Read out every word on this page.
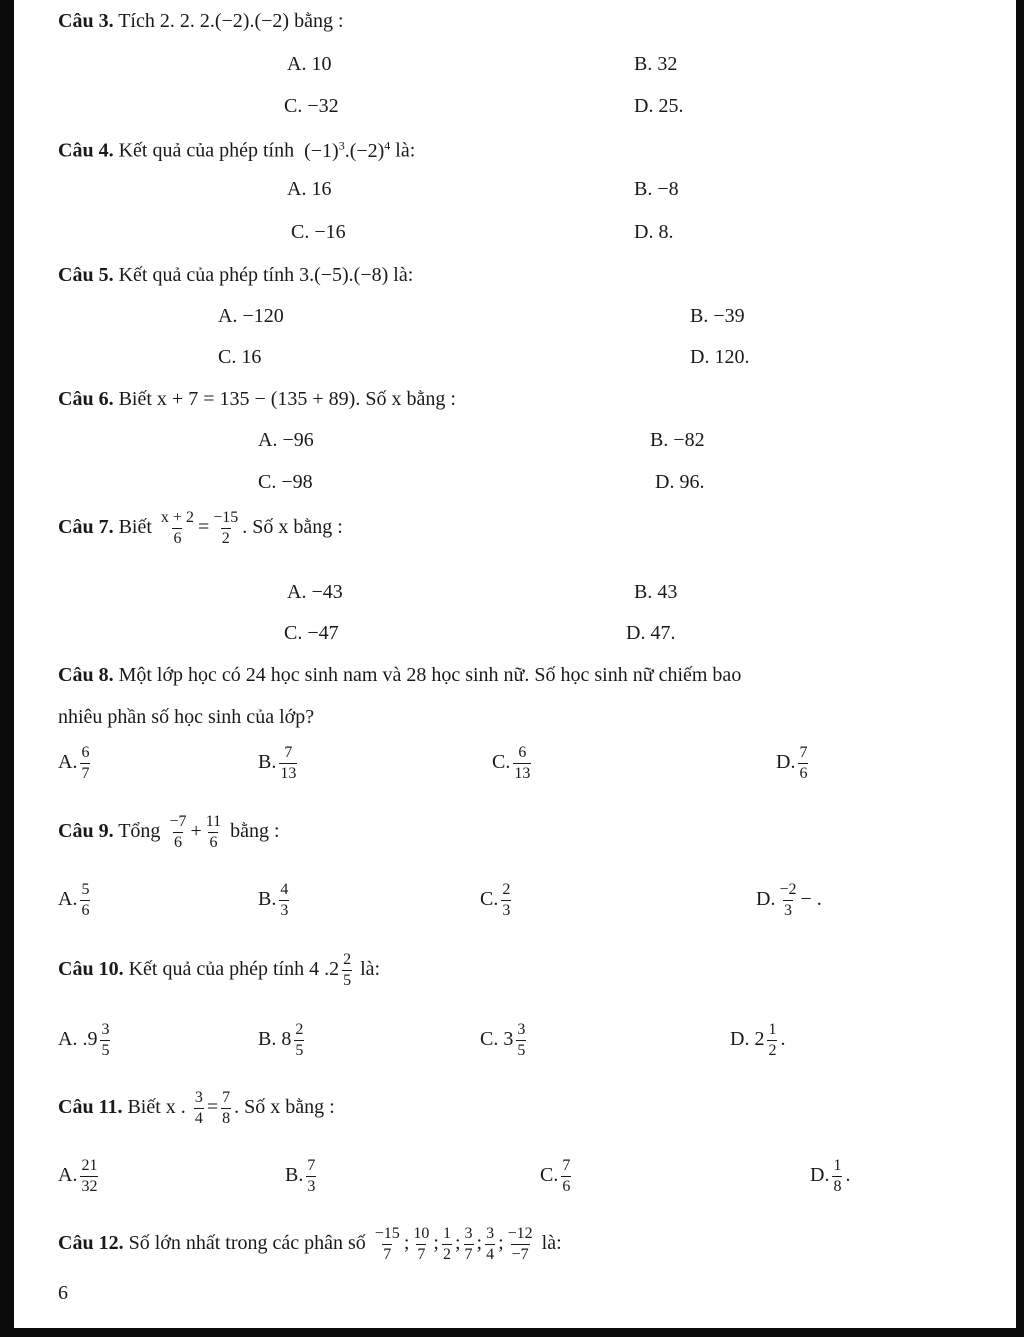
Câu 3. Tích 2. 2. 2.(−2).(−2) bằng :
A. 10	B. 32
C. −32	D. 25.
Câu 4. Kết quả của phép tính $(-1)^3.(-2)^4$ là:
A. 16	B. −8
C. −16	D. 8.
Câu 5. Kết quả của phép tính 3.(−5).(−8) là:
A. −120	B. −39
C. 16	D. 120.
Câu 6. Biết x + 7 = 135 − (135 + 89). Số x bằng :
A. −96	B. −82
C. −98	D. 96.
Câu 7. Biết $\frac{x + 2}{6} = \frac{-15}{2}$ . Số x bằng :
A. −43	B. 43
C. −47	D. 47.
Câu 8. Một lớp học có 24 học sinh nam và 28 học sinh nữ. Số học sinh nữ chiếm bao
nhiêu phần số học sinh của lớp?
A. $\frac{6}{7}$	B. $\frac{7}{13}$	C. $\frac{6}{13}$	D. $\frac{7}{6}$
Câu 9. Tổng $\frac{-7}{6} + \frac{11}{6}$ bằng :
A. $\frac{5}{6}$	B. $\frac{4}{3}$	C. $\frac{2}{3}$	D. $\frac{-2}{3}$ − .
Câu 10. Kết quả của phép tính 4 $.2 \frac{2}{5}$ là:
A. $.9 \frac{3}{5}$	B. $8 \frac{2}{5}$	C. $3 \frac{3}{5}$	D. $2 \frac{1}{2}$ .
Câu 11. Biết x . $\frac{3}{4} = \frac{7}{8}$ . Số x bằng :
A. $\frac{21}{32}$	B. $\frac{7}{3}$	C. $\frac{7}{6}$	D. $\frac{1}{8}$ .
Câu 12. Số lớn nhất trong các phân số $\frac{-15}{7}$ ; $\frac{10}{7}$ ; $\frac{1}{2}$ ; $\frac{3}{7}$ ; $\frac{3}{4}$ ; $\frac{-12}{-7}$ là:
6
